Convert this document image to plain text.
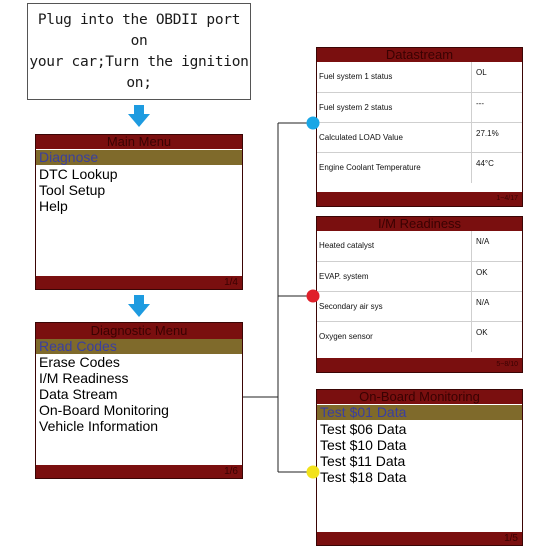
Plug into the OBDII port on
your car;Turn the ignition on;
Main Menu
Diagnose
DTC Lookup
Tool Setup
Help
1/4
Diagnostic Menu
Read Codes
Erase Codes
I/M Readiness
Data Stream
On-Board Monitoring
Vehicle Information
1/6
Datastream
Fuel system 1 status	OL
Fuel system 2 status	---
Calculated LOAD Value	27.1%
Engine Coolant Temperature	44°C
1~4/17
I/M Readiness
Heated catalyst	N/A
EVAP. system	OK
Secondary air sys	N/A
Oxygen sensor	OK
5~8/10
On-Board Monitoring
Test $01 Data
Test $06 Data
Test $10 Data
Test $11 Data
Test $18 Data
1/5
